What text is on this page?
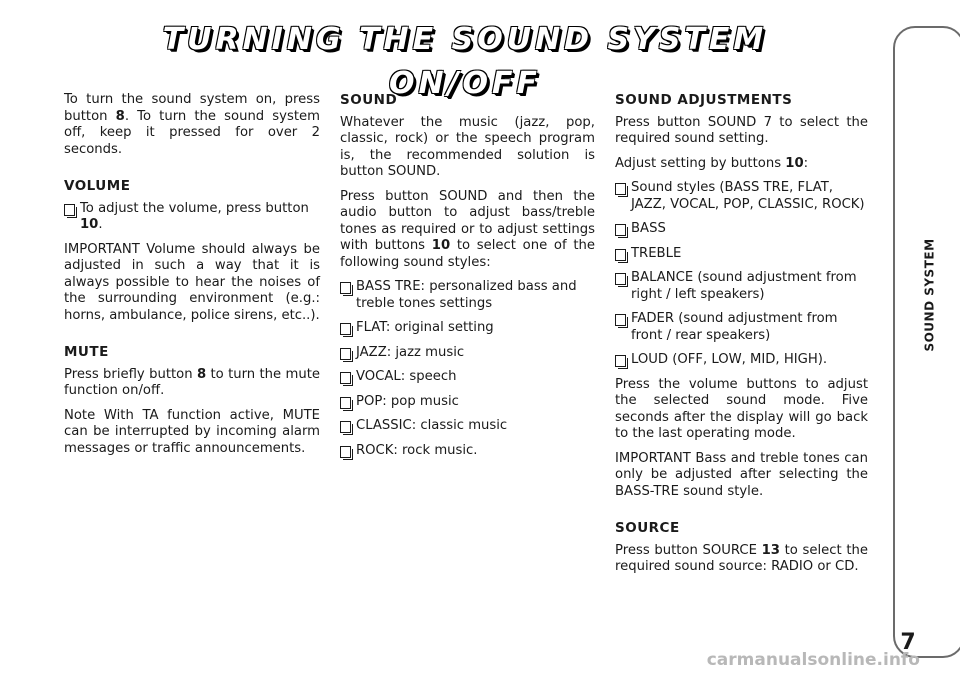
TURNING THE SOUND SYSTEM ON/OFF

To turn the sound system on, press button 8. To turn the sound system off, keep it pressed for over 2 seconds.

VOLUME

To adjust the volume, press button 10.

IMPORTANT Volume should always be adjusted in such a way that it is always possible to hear the noises of the surrounding environment (e.g.: horns, ambulance, police sirens, etc..).

MUTE

Press briefly button 8 to turn the mute function on/off.

Note With TA function active, MUTE can be interrupted by incoming alarm messages or traffic announcements.

SOUND

Whatever the music (jazz, pop, classic, rock) or the speech program is, the recommended solution is button SOUND.

Press button SOUND and then the audio button to adjust bass/treble tones as required or to adjust settings with buttons 10 to select one of the following sound styles:

BASS TRE: personalized bass and treble tones settings
FLAT: original setting
JAZZ: jazz music
VOCAL: speech
POP: pop music
CLASSIC: classic music
ROCK: rock music.

SOUND ADJUSTMENTS

Press button SOUND 7 to select the required sound setting.

Adjust setting by buttons 10:

Sound styles (BASS TRE, FLAT, JAZZ, VOCAL, POP, CLASSIC, ROCK)
BASS
TREBLE
BALANCE (sound adjustment from right / left speakers)
FADER (sound adjustment from front / rear speakers)
LOUD (OFF, LOW, MID, HIGH).

Press the volume buttons to adjust the selected sound mode. Five seconds after the display will go back to the last operating mode.

IMPORTANT Bass and treble tones can only be adjusted after selecting the BASS-TRE sound style.

SOURCE

Press button SOURCE 13 to select the required sound source: RADIO or CD.

SOUND SYSTEM
7
carmanualsonline.info
